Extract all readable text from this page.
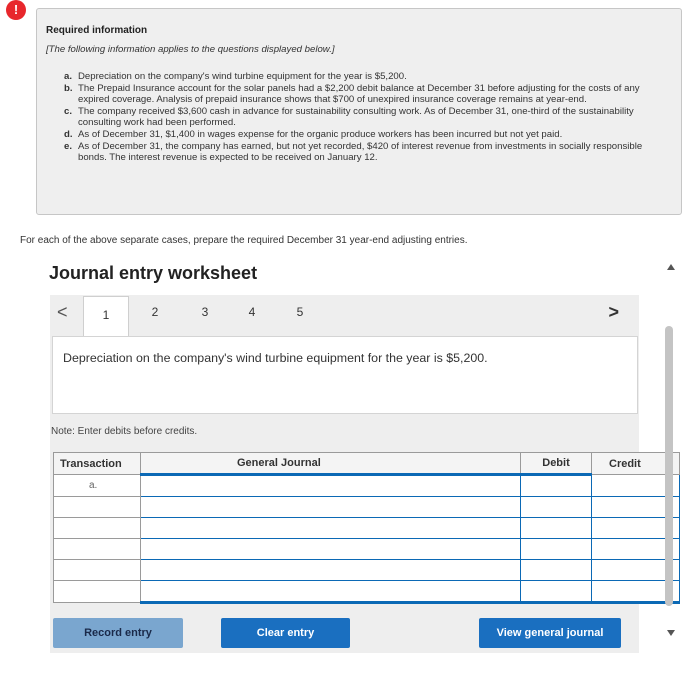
!
Required information
[The following information applies to the questions displayed below.]
a. Depreciation on the company's wind turbine equipment for the year is $5,200.
b. The Prepaid Insurance account for the solar panels had a $2,200 debit balance at December 31 before adjusting for the costs of any expired coverage. Analysis of prepaid insurance shows that $700 of unexpired insurance coverage remains at year-end.
c. The company received $3,600 cash in advance for sustainability consulting work. As of December 31, one-third of the sustainability consulting work had been performed.
d. As of December 31, $1,400 in wages expense for the organic produce workers has been incurred but not yet paid.
e. As of December 31, the company has earned, but not yet recorded, $420 of interest revenue from investments in socially responsible bonds. The interest revenue is expected to be received on January 12.
For each of the above separate cases, prepare the required December 31 year-end adjusting entries.
Journal entry worksheet
<	1	2	3	4	5	>
Depreciation on the company's wind turbine equipment for the year is $5,200.
Note: Enter debits before credits.
Transaction	General Journal	Debit	Credit
a.			

Record entry	Clear entry	View general journal
